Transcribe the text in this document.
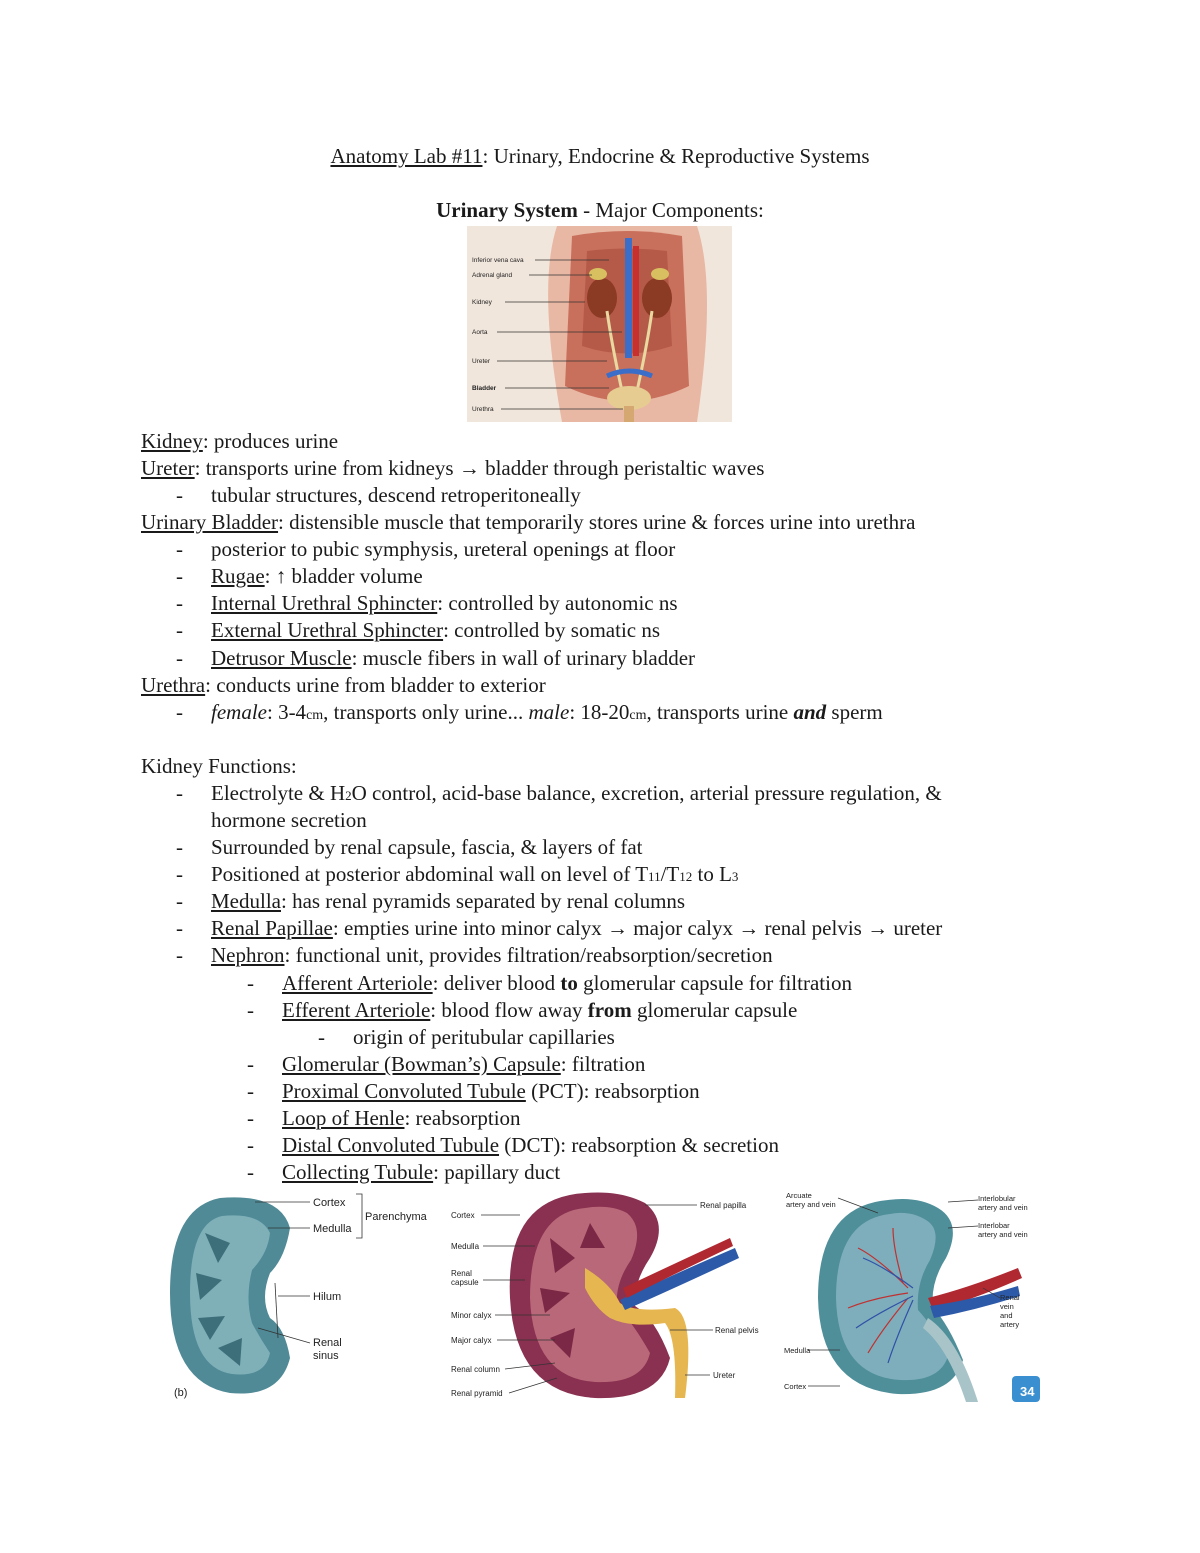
Anatomy Lab #11: Urinary, Endocrine & Reproductive Systems
Urinary System - Major Components:
Inferior vena cava
Adrenal gland
Kidney
Aorta
Ureter
Bladder
Urethra
Kidney: produces urine
Ureter: transports urine from kidneys → bladder through peristaltic waves
- tubular structures, descend retroperitoneally
Urinary Bladder: distensible muscle that temporarily stores urine & forces urine into urethra
- posterior to pubic symphysis, ureteral openings at floor
- Rugae: ↑ bladder volume
- Internal Urethral Sphincter: controlled by autonomic ns
- External Urethral Sphincter: controlled by somatic ns
- Detrusor Muscle: muscle fibers in wall of urinary bladder
Urethra: conducts urine from bladder to exterior
- female: 3-4cm, transports only urine... male: 18-20cm, transports urine and sperm
Kidney Functions:
- Electrolyte & H2O control, acid-base balance, excretion, arterial pressure regulation, &
hormone secretion
- Surrounded by renal capsule, fascia, & layers of fat
- Positioned at posterior abdominal wall on level of T11/T12 to L3
- Medulla: has renal pyramids separated by renal columns
- Renal Papillae: empties urine into minor calyx → major calyx → renal pelvis → ureter
- Nephron: functional unit, provides filtration/reabsorption/secretion
- Afferent Arteriole: deliver blood to glomerular capsule for filtration
- Efferent Arteriole: blood flow away from glomerular capsule
- origin of peritubular capillaries
- Glomerular (Bowman’s) Capsule: filtration
- Proximal Convoluted Tubule (PCT): reabsorption
- Loop of Henle: reabsorption
- Distal Convoluted Tubule (DCT): reabsorption & secretion
- Collecting Tubule: papillary duct
Cortex
Medulla
Parenchyma
Hilum
Renal
sinus
(b)
Cortex
Medulla
Renal
capsule
Minor calyx
Major calyx
Renal column
Renal pyramid
Renal papilla
Renal pelvis
Ureter
Arcuate
artery and vein
Interlobular
artery and vein
Interlobar
artery and vein
Renal
vein
and
artery
Medulla
Cortex	34
